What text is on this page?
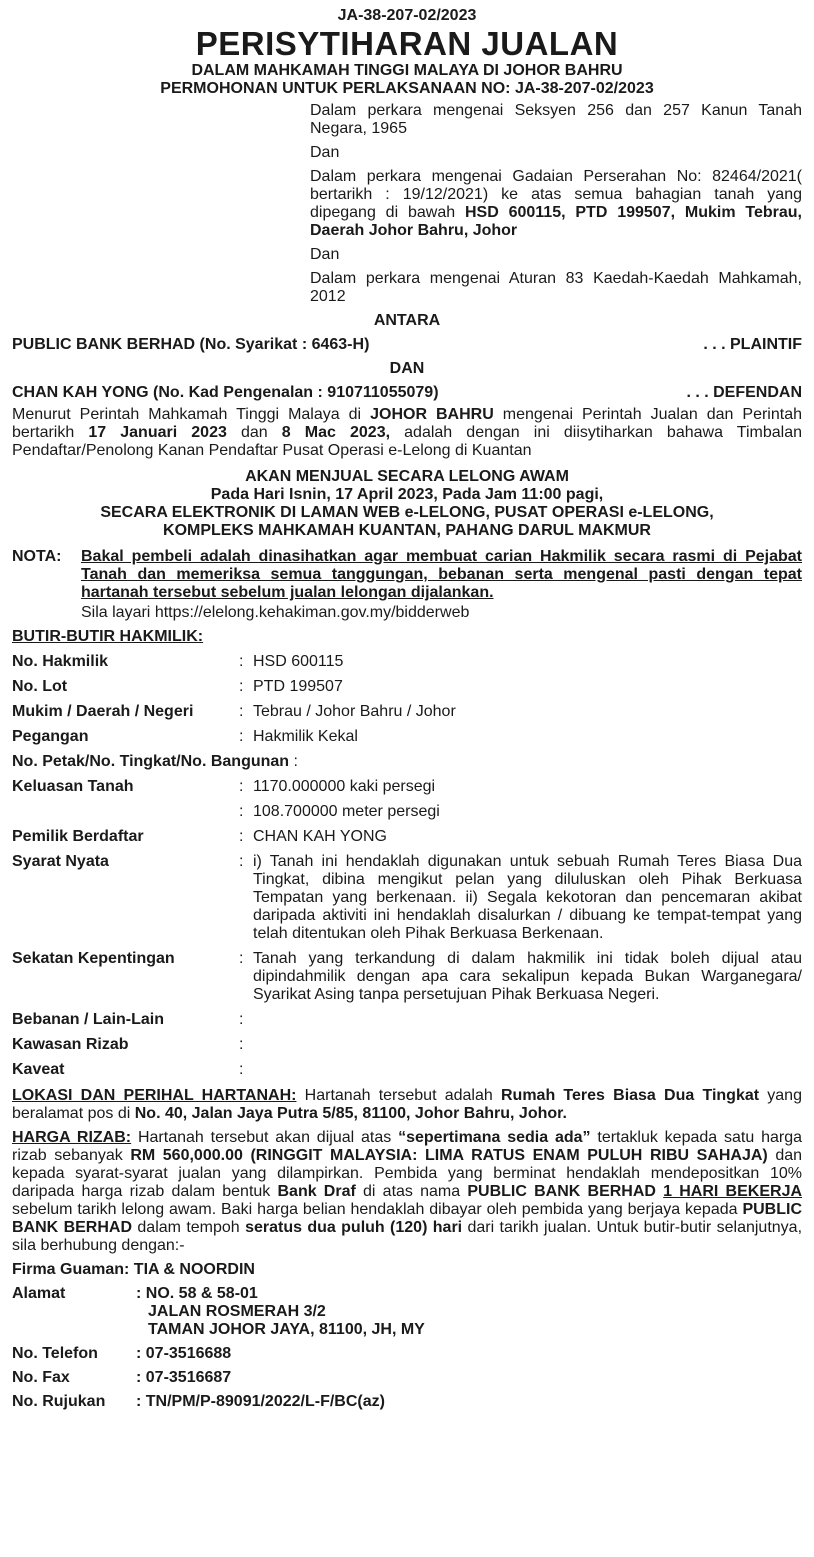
JA-38-207-02/2023
PERISYTIHARAN JUALAN
DALAM MAHKAMAH TINGGI MALAYA DI JOHOR BAHRU
PERMOHONAN UNTUK PERLAKSANAAN NO: JA-38-207-02/2023

Dalam perkara mengenai Seksyen 256 dan 257 Kanun Tanah Negara, 1965

Dan

Dalam perkara mengenai Gadaian Perserahan No: 82464/2021( bertarikh : 19/12/2021) ke atas semua bahagian tanah yang dipegang di bawah HSD 600115, PTD 199507, Mukim Tebrau, Daerah Johor Bahru, Johor

Dan

Dalam perkara mengenai Aturan 83 Kaedah-Kaedah Mahkamah, 2012

ANTARA
PUBLIC BANK BERHAD (No. Syarikat : 6463-H)	. . . PLAINTIF
DAN
CHAN KAH YONG (No. Kad Pengenalan : 910711055079)	. . . DEFENDAN

Menurut Perintah Mahkamah Tinggi Malaya di JOHOR BAHRU mengenai Perintah Jualan dan Perintah bertarikh 17 Januari 2023 dan 8 Mac 2023, adalah dengan ini diisytiharkan bahawa Timbalan Pendaftar/Penolong Kanan Pendaftar Pusat Operasi e-Lelong di Kuantan

AKAN MENJUAL SECARA LELONG AWAM
Pada Hari Isnin, 17 April 2023, Pada Jam 11:00 pagi,
SECARA ELEKTRONIK DI LAMAN WEB e-LELONG, PUSAT OPERASI e-LELONG,
KOMPLEKS MAHKAMAH KUANTAN, PAHANG DARUL MAKMUR
NOTA:	Bakal pembeli adalah dinasihatkan agar membuat carian Hakmilik secara rasmi di Pejabat Tanah dan memeriksa semua tanggungan, bebanan serta mengenal pasti dengan tepat hartanah tersebut sebelum jualan lelongan dijalankan.
Sila layari https://elelong.kehakiman.gov.my/bidderweb
BUTIR-BUTIR HAKMILIK:
No. Hakmilik	: HSD 600115
No. Lot	: PTD 199507
Mukim / Daerah / Negeri	: Tebrau / Johor Bahru / Johor
Pegangan	: Hakmilik Kekal
No. Petak/No. Tingkat/No. Bangunan :
Keluasan Tanah	: 1170.000000 kaki persegi
: 108.700000 meter persegi
Pemilik Berdaftar	: CHAN KAH YONG
Syarat Nyata	: i) Tanah ini hendaklah digunakan untuk sebuah Rumah Teres Biasa Dua Tingkat, dibina mengikut pelan yang diluluskan oleh Pihak Berkuasa Tempatan yang berkenaan. ii) Segala kekotoran dan pencemaran akibat daripada aktiviti ini hendaklah disalurkan / dibuang ke tempat-tempat yang telah ditentukan oleh Pihak Berkuasa Berkenaan.
Sekatan Kepentingan	: Tanah yang terkandung di dalam hakmilik ini tidak boleh dijual atau dipindahmilik dengan apa cara sekalipun kepada Bukan Warganegara/ Syarikat Asing tanpa persetujuan Pihak Berkuasa Negeri.
Bebanan / Lain-Lain	:
Kawasan Rizab	:
Kaveat	:

LOKASI DAN PERIHAL HARTANAH: Hartanah tersebut adalah Rumah Teres Biasa Dua Tingkat yang beralamat pos di No. 40, Jalan Jaya Putra 5/85, 81100, Johor Bahru, Johor.

HARGA RIZAB: Hartanah tersebut akan dijual atas “sepertimana sedia ada” tertakluk kepada satu harga rizab sebanyak RM 560,000.00 (RINGGIT MALAYSIA: LIMA RATUS ENAM PULUH RIBU SAHAJA) dan kepada syarat-syarat jualan yang dilampirkan. Pembida yang berminat hendaklah mendepositkan 10% daripada harga rizab dalam bentuk Bank Draf di atas nama PUBLIC BANK BERHAD 1 HARI BEKERJA sebelum tarikh lelong awam. Baki harga belian hendaklah dibayar oleh pembida yang berjaya kepada PUBLIC BANK BERHAD dalam tempoh seratus dua puluh (120) hari dari tarikh jualan. Untuk butir-butir selanjutnya, sila berhubung dengan:-

Firma Guaman : TIA & NOORDIN
Alamat	: NO. 58 & 58-01
JALAN ROSMERAH 3/2
TAMAN JOHOR JAYA, 81100, JH, MY
No. Telefon	: 07-3516688
No. Fax	: 07-3516687
No. Rujukan	: TN/PM/P-89091/2022/L-F/BC(az)
